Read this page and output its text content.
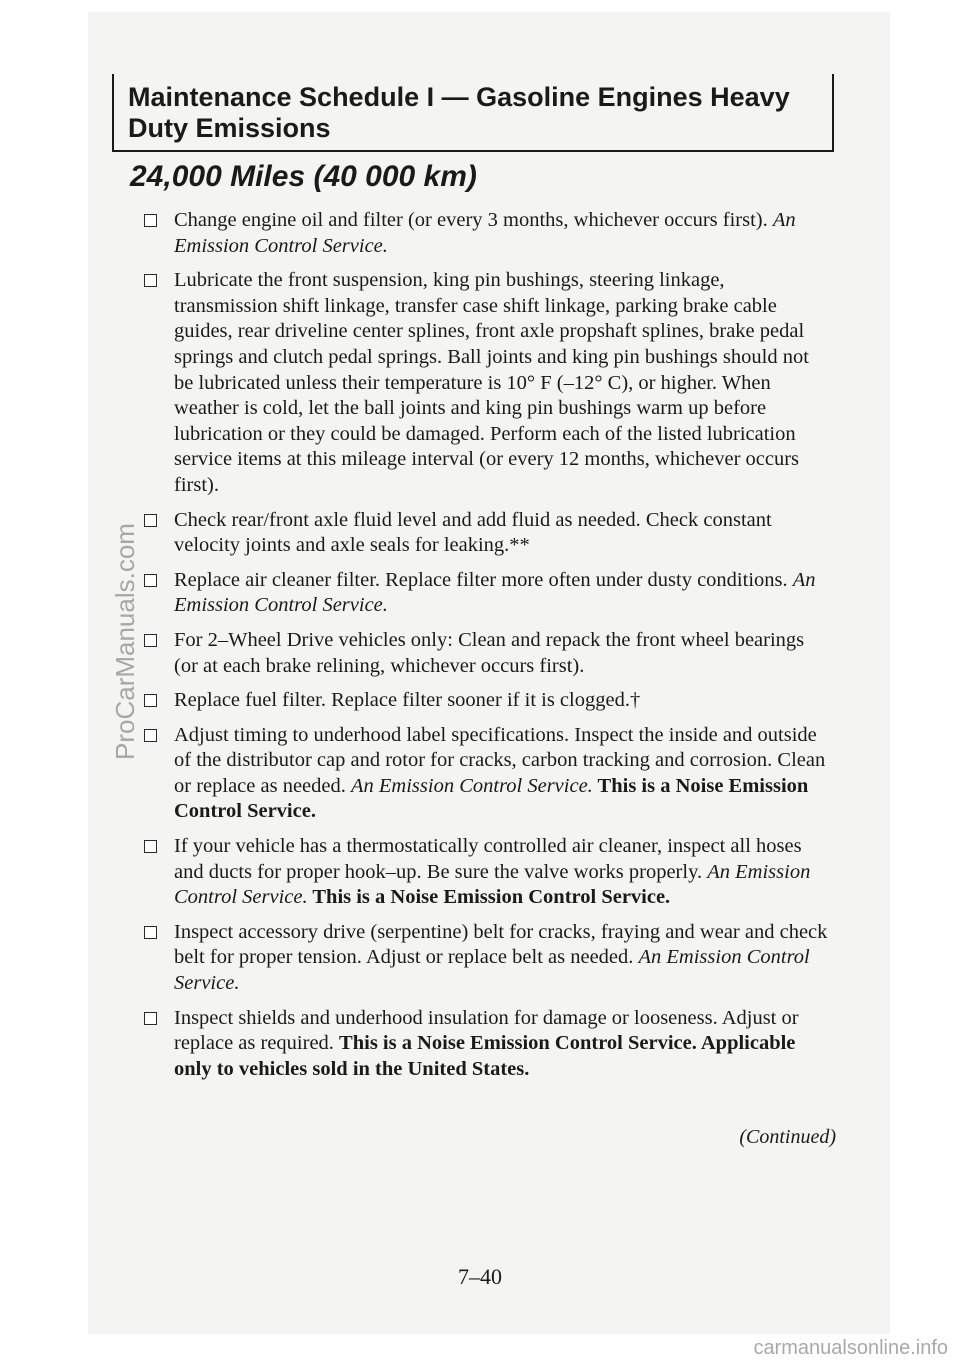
Maintenance Schedule I — Gasoline Engines Heavy
Duty Emissions
24,000 Miles (40 000 km)
Change engine oil and filter (or every 3 months, whichever occurs first). An Emission Control Service.
Lubricate the front suspension, king pin bushings, steering linkage, transmission shift linkage, transfer case shift linkage, parking brake cable guides, rear driveline center splines, front axle propshaft splines, brake pedal springs and clutch pedal springs. Ball joints and king pin bushings should not be lubricated unless their temperature is 10° F (–12° C), or higher. When weather is cold, let the ball joints and king pin bushings warm up before lubrication or they could be damaged. Perform each of the listed lubrication service items at this mileage interval (or every 12 months, whichever occurs first).
Check rear/front axle fluid level and add fluid as needed. Check constant velocity joints and axle seals for leaking.**
Replace air cleaner filter. Replace filter more often under dusty conditions. An Emission Control Service.
For 2–Wheel Drive vehicles only: Clean and repack the front wheel bearings (or at each brake relining, whichever occurs first).
Replace fuel filter. Replace filter sooner if it is clogged.†
Adjust timing to underhood label specifications. Inspect the inside and outside of the distributor cap and rotor for cracks, carbon tracking and corrosion. Clean or replace as needed. An Emission Control Service. This is a Noise Emission Control Service.
If your vehicle has a thermostatically controlled air cleaner, inspect all hoses and ducts for proper hook–up. Be sure the valve works properly. An Emission Control Service. This is a Noise Emission Control Service.
Inspect accessory drive (serpentine) belt for cracks, fraying and wear and check belt for proper tension. Adjust or replace belt as needed. An Emission Control Service.
Inspect shields and underhood insulation for damage or looseness. Adjust or replace as required. This is a Noise Emission Control Service. Applicable only to vehicles sold in the United States.
(Continued)
7–40
ProCarManuals.com
carmanualsonline.info
